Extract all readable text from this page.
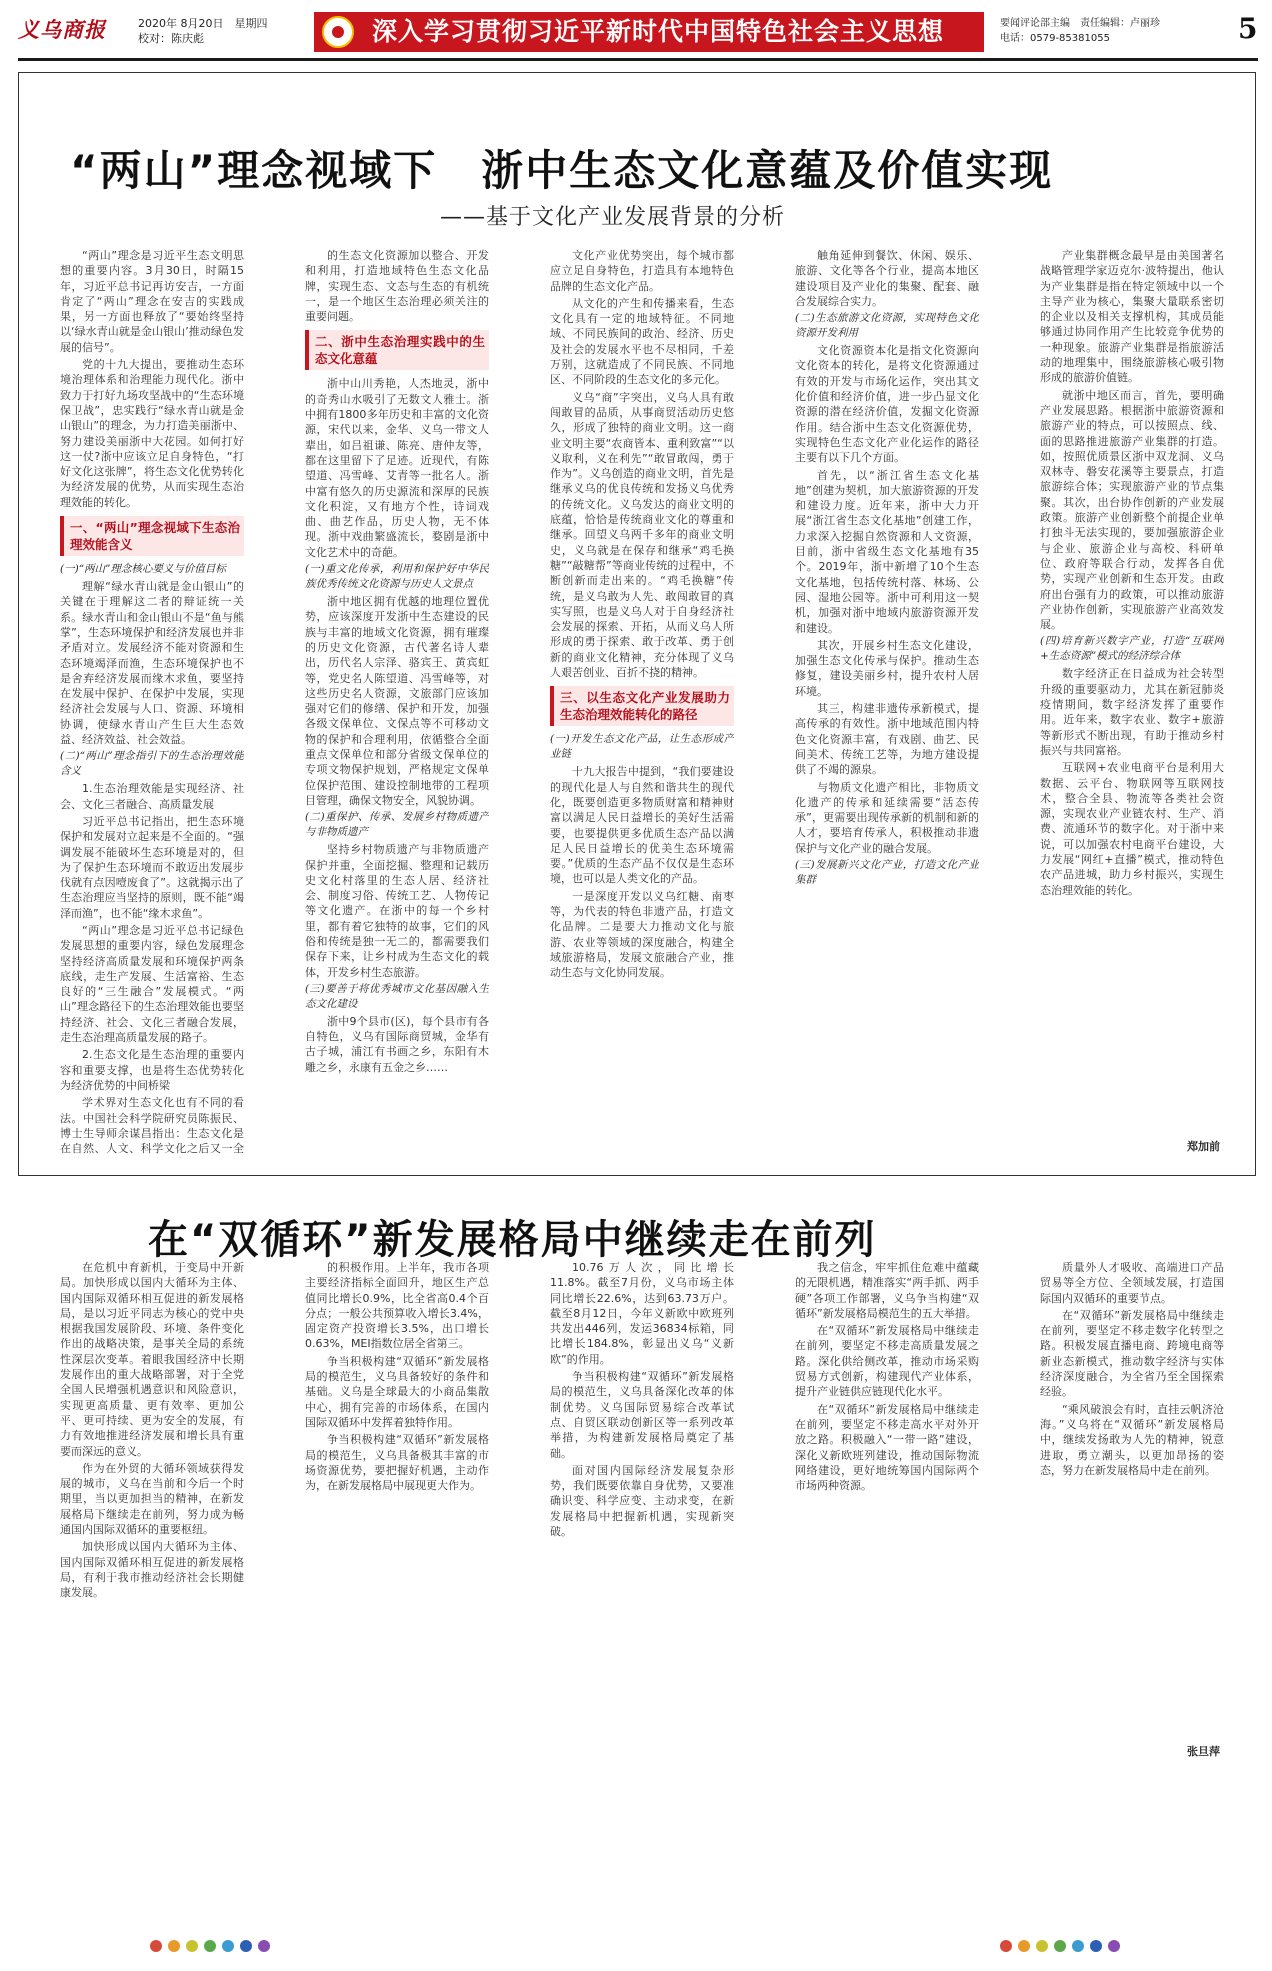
义乌商报	2020年 8月20日　星期四
校对：陈庆彪	深入学习贯彻习近平新时代中国特色社会主义思想	要闻评论部主编　责任编辑：卢丽珍
电话：0579-85381055	5
“两山”理念视域下　浙中生态文化意蕴及价值实现
——基于文化产业发展背景的分析

“两山”理念是习近平生态文明思想的重要内容。3月30日，时隔15年，习近平总书记再访安吉，一方面肯定了“两山”理念在安吉的实践成果，另一方面也释放了“要始终坚持以‘绿水青山就是金山银山’推动绿色发展的信号”。

党的十九大提出，要推动生态环境治理体系和治理能力现代化。浙中致力于打好九场攻坚战中的“生态环境保卫战”，忠实践行“绿水青山就是金山银山”的理念，为力打造美丽浙中、努力建设美丽浙中大花园。如何打好这一仗?浙中应该立足自身特色，“打好文化这张牌”，将生态文化优势转化为经济发展的优势，从而实现生态治理效能的转化。

一、“两山”理念视域下生态治理效能含义
(一)“两山”理念核心要义与价值目标

理解“绿水青山就是金山银山”的关键在于理解这二者的辩证统一关系。绿水青山和金山银山不是“鱼与熊掌”，生态环境保护和经济发展也并非矛盾对立。发展经济不能对资源和生态环境竭泽而渔，生态环境保护也不是舍弃经济发展而缘木求鱼，要坚持在发展中保护、在保护中发展，实现经济社会发展与人口、资源、环境相协调，使绿水青山产生巨大生态效益、经济效益、社会效益。

(二)“两山”理念指引下的生态治理效能含义

1.生态治理效能是实现经济、社会、文化三者融合、高质量发展

习近平总书记指出，把生态环境保护和发展对立起来是不全面的。“强调发展不能破坏生态环境是对的，但为了保护生态环境而不敢迈出发展步伐就有点因噎废食了”。这就揭示出了生态治理应当坚持的原则，既不能“竭泽而渔”，也不能“缘木求鱼”。

“两山”理念是习近平总书记绿色发展思想的重要内容，绿色发展理念坚持经济高质量发展和环境保护两条底线，走生产发展、生活富裕、生态良好的“三生融合”发展模式。“两山”理念路径下的生态治理效能也要坚持经济、社会、文化三者融合发展，走生态治理高质量发展的路子。

2.生态文化是生态治理的重要内容和重要支撑，也是将生态优势转化为经济优势的中间桥梁

学术界对生态文化也有不同的看法。中国社会科学院研究员陈振民、博士生导师余谋昌指出：生态文化是在自然、人文、科学文化之后又一全

的生态文化资源加以整合、开发和利用，打造地域特色生态文化品牌，实现生态、文态与生态的有机统一，是一个地区生态治理必须关注的重要问题。

二、浙中生态治理实践中的生态文化意蕴

浙中山川秀艳，人杰地灵，浙中的奇秀山水吸引了无数文人雅士。浙中拥有1800多年历史和丰富的文化资源，宋代以来，金华、义乌一带文人辈出，如吕祖谦、陈亮、唐仲友等，都在这里留下了足迹。近现代，有陈望道、冯雪峰、艾青等一批名人。浙中富有悠久的历史源流和深厚的民族文化积淀，又有地方个性，诗词戏曲、曲艺作品，历史人物，无不体现。浙中戏曲繁盛流长，婺剧是浙中文化艺术中的奇葩。

(一)重文化传承，利用和保护好中华民族优秀传统文化资源与历史人文景点

浙中地区拥有优越的地理位置优势，应该深度开发浙中生态建设的民族与丰富的地域文化资源，拥有璀璨的历史文化资源，古代著名诗人辈出，历代名人宗泽、骆宾王、黄宾虹等，党史名人陈望道、冯雪峰等，对这些历史名人资源，文旅部门应该加强对它们的修缮、保护和开发，加强各级文保单位、文保点等不可移动文物的保护和合理利用，依循整合全面重点文保单位和部分省级文保单位的专项文物保护规划，严格规定文保单位保护范围、建设控制地带的工程项目管理，确保文物安全，风貌协调。

(二)重保护、传承、发展乡村物质遗产与非物质遗产

坚持乡村物质遗产与非物质遗产保护并重，全面挖掘、整理和记载历史文化村落里的生态人居、经济社会、制度习俗、传统工艺、人物传记等文化遗产。在浙中的每一个乡村里，都有着它独特的故事，它们的风俗和传统是独一无二的，都需要我们保存下来，让乡村成为生态文化的载体，开发乡村生态旅游。

(三)要善于将优秀城市文化基因融入生态文化建设

浙中9个县市(区)，每个县市有各自特色，义乌有国际商贸城，金华有古子城，浦江有书画之乡，东阳有木雕之乡，永康有五金之乡……

文化产业优势突出，每个城市都应立足自身特色，打造具有本地特色品牌的生态文化产品。

从文化的产生和传播来看，生态文化具有一定的地域特征。不同地域、不同民族间的政治、经济、历史及社会的发展水平也不尽相同，千差万别，这就造成了不同民族、不同地区、不同阶段的生态文化的多元化。

义乌“商”字突出，义乌人具有敢闯敢冒的品质，从事商贸活动历史悠久，形成了独特的商业文明。这一商业文明主要“农商皆本、重利致富”“以义取利，义在利先”“敢冒敢闯，勇于作为”。义乌创造的商业文明，首先是继承义乌的优良传统和发扬义乌优秀的传统文化。义乌发达的商业文明的底蕴，恰恰是传统商业文化的尊重和继承。回望义乌两千多年的商业文明史，义乌就是在保存和继承“鸡毛换糖”“敲糖帮”等商业传统的过程中，不断创新而走出来的。“鸡毛换糖”传统，是义乌敢为人先、敢闯敢冒的真实写照，也是义乌人对于自身经济社会发展的探索、开拓，从而义乌人所形成的勇于探索、敢于改革、勇于创新的商业文化精神，充分体现了义乌人艰苦创业、百折不挠的精神。

三、以生态文化产业发展助力生态治理效能转化的路径
(一)开发生态文化产品，让生态形成产业链

十九大报告中提到，“我们要建设的现代化是人与自然和谐共生的现代化，既要创造更多物质财富和精神财富以满足人民日益增长的美好生活需要，也要提供更多优质生态产品以满足人民日益增长的优美生态环境需要。”优质的生态产品不仅仅是生态环境，也可以是人类文化的产品。

一是深度开发以义乌红糖、南枣等，为代表的特色非遗产品，打造文化品牌。二是要大力推动文化与旅游、农业等领域的深度融合，构建全域旅游格局，发展文旅融合产业，推动生态与文化协同发展。

触角延伸到餐饮、休闲、娱乐、旅游、文化等各个行业，提高本地区建设项目及产业化的集聚、配套、融合发展综合实力。

(二)生态旅游文化资源，实现特色文化资源开发利用

文化资源资本化是指文化资源向文化资本的转化，是将文化资源通过有效的开发与市场化运作，突出其文化价值和经济价值，进一步凸显文化资源的潜在经济价值，发掘文化资源作用。结合浙中生态文化资源优势，实现特色生态文化产业化运作的路径主要有以下几个方面。

首先，以“浙江省生态文化基地”创建为契机，加大旅游资源的开发和建设力度。近年来，浙中大力开展“浙江省生态文化基地”创建工作，力求深入挖掘自然资源和人文资源，目前，浙中省级生态文化基地有35个。2019年，浙中新增了10个生态文化基地，包括传统村落、林场、公园、湿地公园等。浙中可利用这一契机，加强对浙中地域内旅游资源开发和建设。

其次，开展乡村生态文化建设，加强生态文化传承与保护。推动生态修复，建设美丽乡村，提升农村人居环境。

其三，构建非遗传承新模式，提高传承的有效性。浙中地域范围内特色文化资源丰富，有戏剧、曲艺、民间美术、传统工艺等，为地方建设提供了不竭的源泉。

与物质文化遗产相比，非物质文化遗产的传承和延续需要“活态传承”，更需要出现传承新的机制和新的人才，要培育传承人，积极推动非遗保护与文化产业的融合发展。

(三)发展新兴文化产业，打造文化产业集群

产业集群概念最早是由美国著名战略管理学家迈克尔·波特提出，他认为产业集群是指在特定领域中以一个主导产业为核心，集聚大量联系密切的企业以及相关支撑机构，其成员能够通过协同作用产生比较竞争优势的一种现象。旅游产业集群是指旅游活动的地理集中，围绕旅游核心吸引物形成的旅游价值链。

就浙中地区而言，首先，要明确产业发展思路。根据浙中旅游资源和旅游产业的特点，可以按照点、线、面的思路推进旅游产业集群的打造。如，按照优质景区浙中双龙洞、义乌双林寺、磐安花溪等主要景点，打造旅游综合体；实现旅游产业的节点集聚。其次，出台协作创新的产业发展政策。旅游产业创新整个前提企业单打独斗无法实现的，要加强旅游企业与企业、旅游企业与高校、科研单位、政府等联合行动，发挥各自优势，实现产业创新和生态开发。由政府出台强有力的政策，可以推动旅游产业协作创新，实现旅游产业高效发展。

(四)培育新兴数字产业，打造“互联网+生态资源”模式的经济综合体

数字经济正在日益成为社会转型升级的重要驱动力，尤其在新冠肺炎疫情期间，数字经济发挥了重要作用。近年来，数字农业、数字+旅游等新形式不断出现，有助于推动乡村振兴与共同富裕。

互联网+农业电商平台是利用大数据、云平台、物联网等互联网技术，整合全县、物流等各类社会资源，实现农业产业链农村、生产、消费、流通环节的数字化。对于浙中来说，可以加强农村电商平台建设，大力发展“网红+直播”模式，推动特色农产品进城，助力乡村振兴，实现生态治理效能的转化。

郑加前
在“双循环”新发展格局中继续走在前列

在危机中育新机，于变局中开新局。加快形成以国内大循环为主体、国内国际双循环相互促进的新发展格局，是以习近平同志为核心的党中央根据我国发展阶段、环境、条件变化作出的战略决策，是事关全局的系统性深层次变革。着眼我国经济中长期发展作出的重大战略部署，对于全党全国人民增强机遇意识和风险意识，实现更高质量、更有效率、更加公平、更可持续、更为安全的发展，有力有效地推进经济发展和增长具有重要而深远的意义。

作为在外贸的大循环领域获得发展的城市，义乌在当前和今后一个时期里，当以更加担当的精神，在新发展格局下继续走在前列，努力成为畅通国内国际双循环的重要枢纽。

加快形成以国内大循环为主体、国内国际双循环相互促进的新发展格局，有利于我市推动经济社会长期健康发展。

的积极作用。上半年，我市各项主要经济指标全面回升，地区生产总值同比增长0.9%，比全省高0.4个百分点；一般公共预算收入增长3.4%，固定资产投资增长3.5%，出口增长0.63%，MEI指数位居全省第三。

争当积极构建“双循环”新发展格局的模范生，义乌具备较好的条件和基础。义乌是全球最大的小商品集散中心，拥有完善的市场体系，在国内国际双循环中发挥着独特作用。

争当积极构建“双循环”新发展格局的模范生，义乌具备极其丰富的市场资源优势，要把握好机遇，主动作为，在新发展格局中展现更大作为。

10.76万人次，同比增长11.8%。截至7月份，义乌市场主体同比增长22.6%，达到63.73万户。截至8月12日，今年义新欧中欧班列共发出446列，发运36834标箱，同比增长184.8%，彰显出义乌“义新欧”的作用。

争当积极构建“双循环”新发展格局的模范生，义乌具备深化改革的体制优势。义乌国际贸易综合改革试点、自贸区联动创新区等一系列改革举措，为构建新发展格局奠定了基础。

面对国内国际经济发展复杂形势，我们既要依靠自身优势，又要准确识变、科学应变、主动求变，在新发展格局中把握新机遇，实现新突破。

我之信念，牢牢抓住危难中蕴藏的无限机遇，精准落实“两手抓、两手硬”各项工作部署，义乌争当构建“双循环”新发展格局模范生的五大举措。

在“双循环”新发展格局中继续走在前列，要坚定不移走高质量发展之路。深化供给侧改革，推动市场采购贸易方式创新，构建现代产业体系，提升产业链供应链现代化水平。

在“双循环”新发展格局中继续走在前列，要坚定不移走高水平对外开放之路。积极融入“一带一路”建设，深化义新欧班列建设，推动国际物流网络建设，更好地统筹国内国际两个市场两种资源。

质量外人才吸收、高端进口产品贸易等全方位、全领域发展，打造国际国内双循环的重要节点。

在“双循环”新发展格局中继续走在前列，要坚定不移走数字化转型之路。积极发展直播电商、跨境电商等新业态新模式，推动数字经济与实体经济深度融合，为全省乃至全国探索经验。

“乘风破浪会有时，直挂云帆济沧海。”义乌将在“双循环”新发展格局中，继续发扬敢为人先的精神，锐意进取，勇立潮头，以更加昂扬的姿态，努力在新发展格局中走在前列。

张旦萍
